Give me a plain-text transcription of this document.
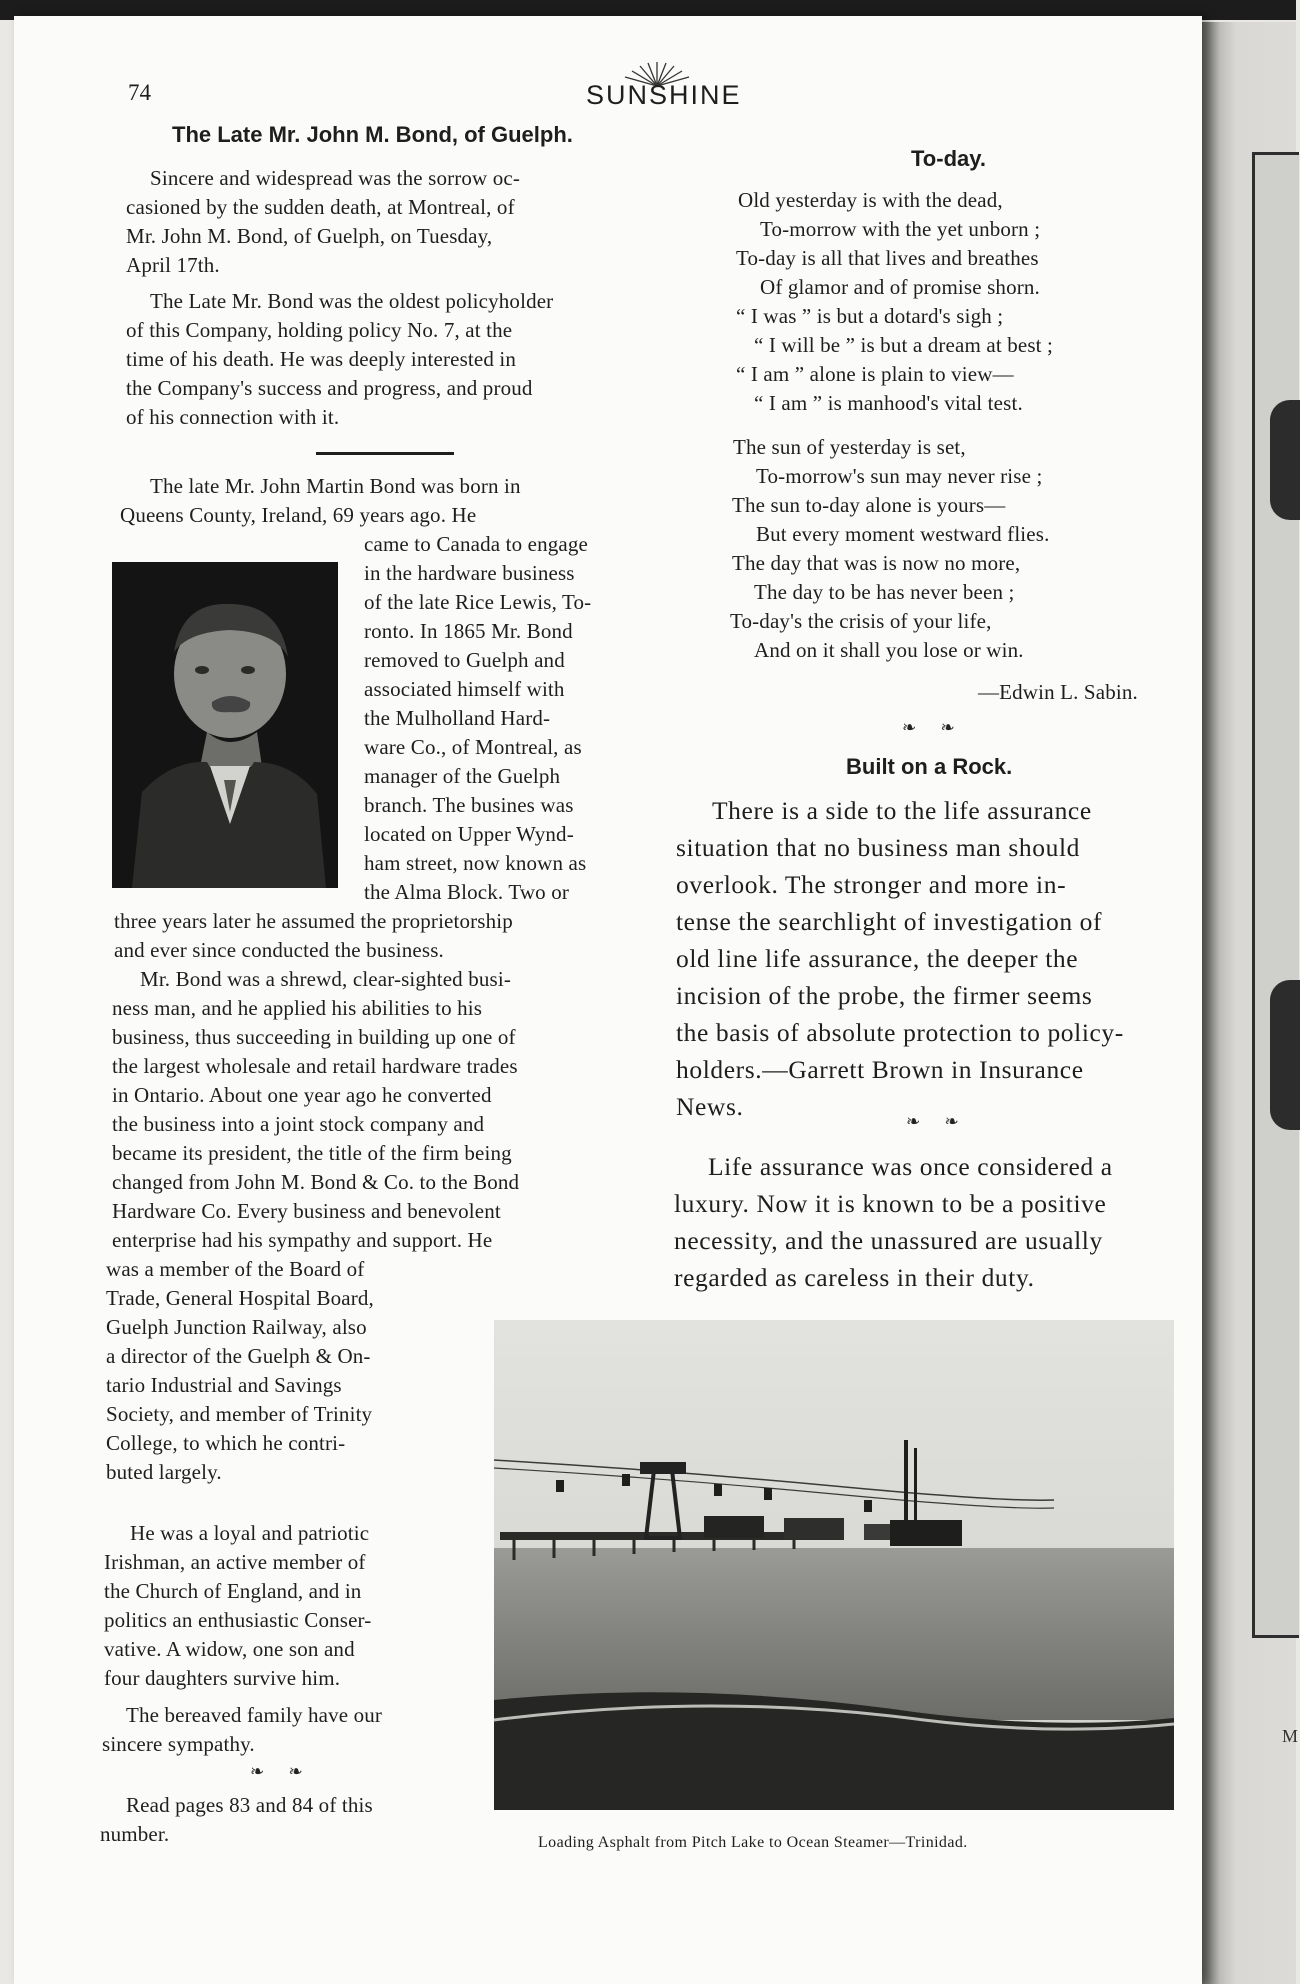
M
74	SUNSHINE
The Late Mr. John M. Bond, of Guelph.
Sincere and widespread was the sorrow oc-
casioned by the sudden death, at Montreal, of
Mr. John M. Bond, of Guelph, on Tuesday,
April 17th.
The Late Mr. Bond was the oldest policyholder
of this Company, holding policy No. 7, at the
time of his death. He was deeply interested in
the Company's success and progress, and proud
of his connection with it.
The late Mr. John Martin Bond was born in
Queens County, Ireland, 69 years ago. He
came to Canada to engage
in the hardware business
of the late Rice Lewis, To-
ronto. In 1865 Mr. Bond
removed to Guelph and
associated himself with
the Mulholland Hard-
ware Co., of Montreal, as
manager of the Guelph
branch. The busines was
located on Upper Wynd-
ham street, now known as
the Alma Block. Two or
three years later he assumed the proprietorship
and ever since conducted the business.
Mr. Bond was a shrewd, clear-sighted busi-
ness man, and he applied his abilities to his
business, thus succeeding in building up one of
the largest wholesale and retail hardware trades
in Ontario. About one year ago he converted
the business into a joint stock company and
became its president, the title of the firm being
changed from John M. Bond & Co. to the Bond
Hardware Co. Every business and benevolent
enterprise had his sympathy and support. He
was a member of the Board of
Trade, General Hospital Board,
Guelph Junction Railway, also
a director of the Guelph & On-
tario Industrial and Savings
Society, and member of Trinity
College, to which he contri-
buted largely.
He was a loyal and patriotic
Irishman, an active member of
the Church of England, and in
politics an enthusiastic Conser-
vative. A widow, one son and
four daughters survive him.
The bereaved family have our
sincere sympathy.
❧ ❧
Read pages 83 and 84 of this
number.
To-day.
Old yesterday is with the dead,
To-morrow with the yet unborn ;
To-day is all that lives and breathes
Of glamor and of promise shorn.
“ I was ” is but a dotard's sigh ;
“ I will be ” is but a dream at best ;
“ I am ” alone is plain to view—
“ I am ” is manhood's vital test.
The sun of yesterday is set,
To-morrow's sun may never rise ;
The sun to-day alone is yours—
But every moment westward flies.
The day that was is now no more,
The day to be has never been ;
To-day's the crisis of your life,
And on it shall you lose or win.
—Edwin L. Sabin.
❧ ❧
Built on a Rock.
There is a side to the life assurance
situation that no business man should
overlook. The stronger and more in-
tense the searchlight of investigation of
old line life assurance, the deeper the
incision of the probe, the firmer seems
the basis of absolute protection to policy-
holders.—Garrett Brown in Insurance
News.
❧ ❧
Life assurance was once considered a
luxury. Now it is known to be a positive
necessity, and the unassured are usually
regarded as careless in their duty.
Loading Asphalt from Pitch Lake to Ocean Steamer—Trinidad.
